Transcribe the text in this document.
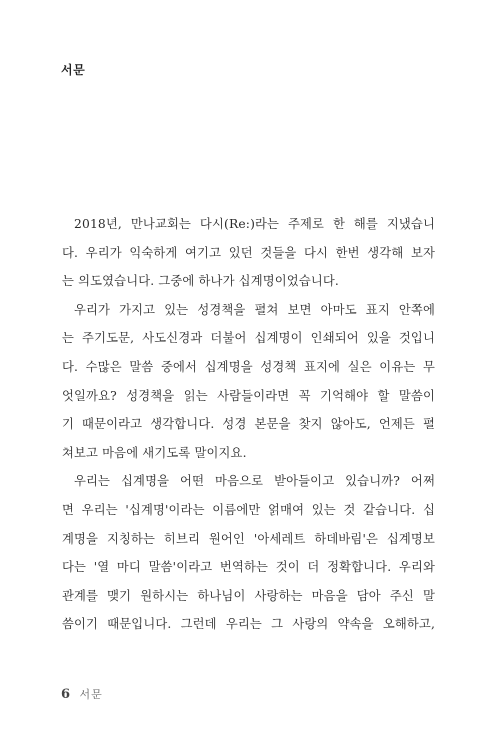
서문
2018년, 만나교회는 다시(Re:)라는 주제로 한 해를 지냈습니
다. 우리가 익숙하게 여기고 있던 것들을 다시 한번 생각해 보자
는 의도였습니다. 그중에 하나가 십계명이었습니다.
우리가 가지고 있는 성경책을 펼쳐 보면 아마도 표지 안쪽에
는 주기도문, 사도신경과 더불어 십계명이 인쇄되어 있을 것입니
다. 수많은 말씀 중에서 십계명을 성경책 표지에 실은 이유는 무
엇일까요? 성경책을 읽는 사람들이라면 꼭 기억해야 할 말씀이
기 때문이라고 생각합니다. 성경 본문을 찾지 않아도, 언제든 펼
쳐보고 마음에 새기도록 말이지요.
우리는 십계명을 어떤 마음으로 받아들이고 있습니까? 어쩌
면 우리는 '십계명'이라는 이름에만 얽매여 있는 것 같습니다. 십
계명을 지칭하는 히브리 원어인 '아세레트 하데바림'은 십계명보
다는 '열 마디 말씀'이라고 번역하는 것이 더 정확합니다. 우리와
관계를 맺기 원하시는 하나님이 사랑하는 마음을 담아 주신 말
씀이기 때문입니다. 그런데 우리는 그 사랑의 약속을 오해하고,
6 서문
